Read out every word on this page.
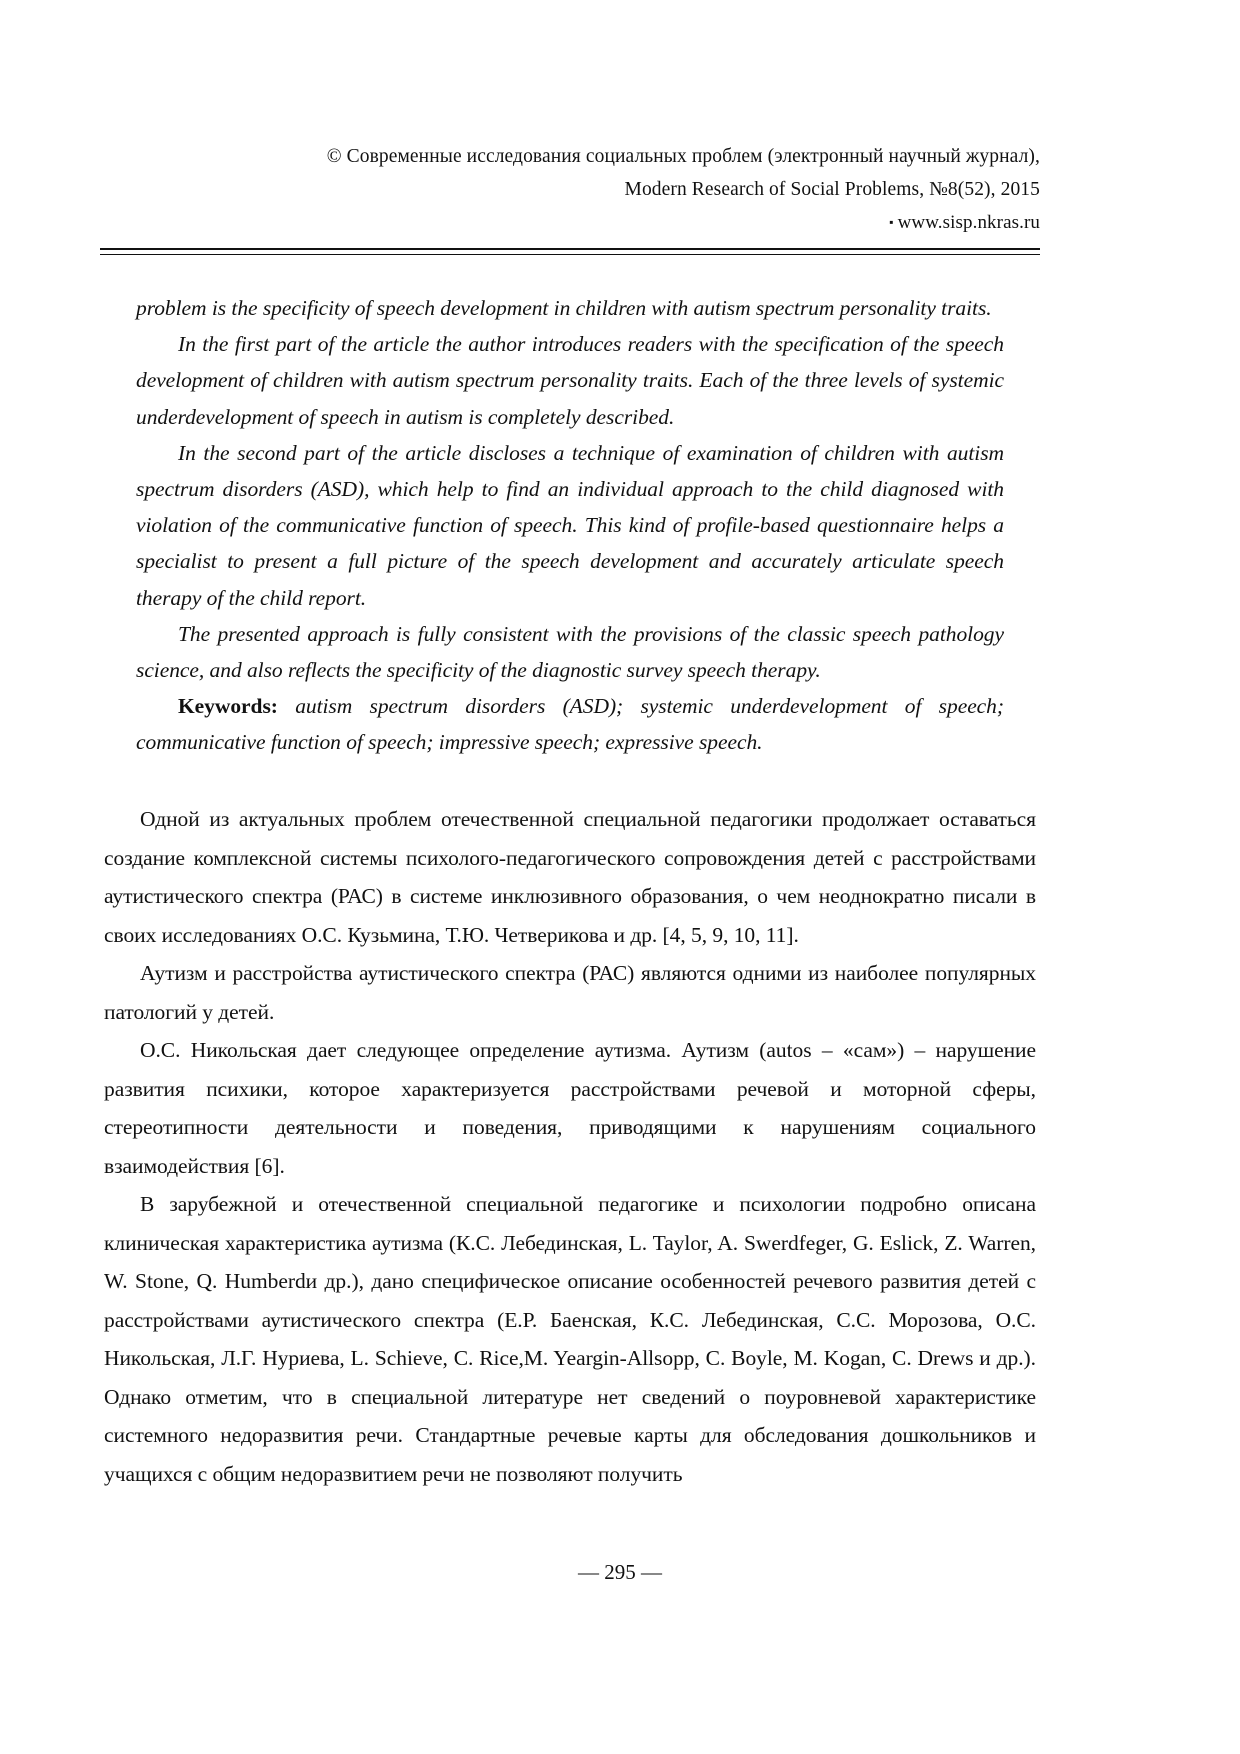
© Современные исследования социальных проблем (электронный научный журнал),
Modern Research of Social Problems, №8(52), 2015
▪ www.sisp.nkras.ru

problem is the specificity of speech development in children with autism spectrum personality traits.

In the first part of the article the author introduces readers with the specification of the speech development of children with autism spectrum personality traits. Each of the three levels of systemic underdevelopment of speech in autism is completely described.

In the second part of the article discloses a technique of examination of children with autism spectrum disorders (ASD), which help to find an individual approach to the child diagnosed with violation of the communicative function of speech. This kind of profile-based questionnaire helps a specialist to present a full picture of the speech development and accurately articulate speech therapy of the child report.

The presented approach is fully consistent with the provisions of the classic speech pathology science, and also reflects the specificity of the diagnostic survey speech therapy.

Keywords: autism spectrum disorders (ASD); systemic underdevelopment of speech; communicative function of speech; impressive speech; expressive speech.

Одной из актуальных проблем отечественной специальной педагогики продолжает оставаться создание комплексной системы психолого-педагогического сопровождения детей с расстройствами аутистического спектра (РАС) в системе инклюзивного образования, о чем неоднократно писали в своих исследованиях О.С. Кузьмина, Т.Ю. Четверикова и др. [4, 5, 9, 10, 11].

Аутизм и расстройства аутистического спектра (РАС) являются одними из наиболее популярных патологий у детей.

О.С. Никольская дает следующее определение аутизма. Аутизм (autos – «сам») – нарушение развития психики, которое характеризуется расстройствами речевой и моторной сферы, стереотипности деятельности и поведения, приводящими к нарушениям социального взаимодействия [6].

В зарубежной и отечественной специальной педагогике и психологии подробно описана клиническая характеристика аутизма (К.С. Лебединская, L. Taylor, A. Swerdfeger, G. Eslick, Z. Warren, W. Stone, Q. Humberdи др.), дано специфическое описание особенностей речевого развития детей с расстройствами аутистического спектра (Е.Р. Баенская, К.С. Лебединская, С.С. Морозова, О.С. Никольская, Л.Г. Нуриева, L. Schieve, C. Rice,M. Yeargin-Allsopp, C. Boyle, M. Kogan, C. Drews и др.). Однако отметим, что в специальной литературе нет сведений о поуровневой характеристике системного недоразвития речи. Стандартные речевые карты для обследования дошкольников и учащихся с общим недоразвитием речи не позволяют получить

— 295 —
